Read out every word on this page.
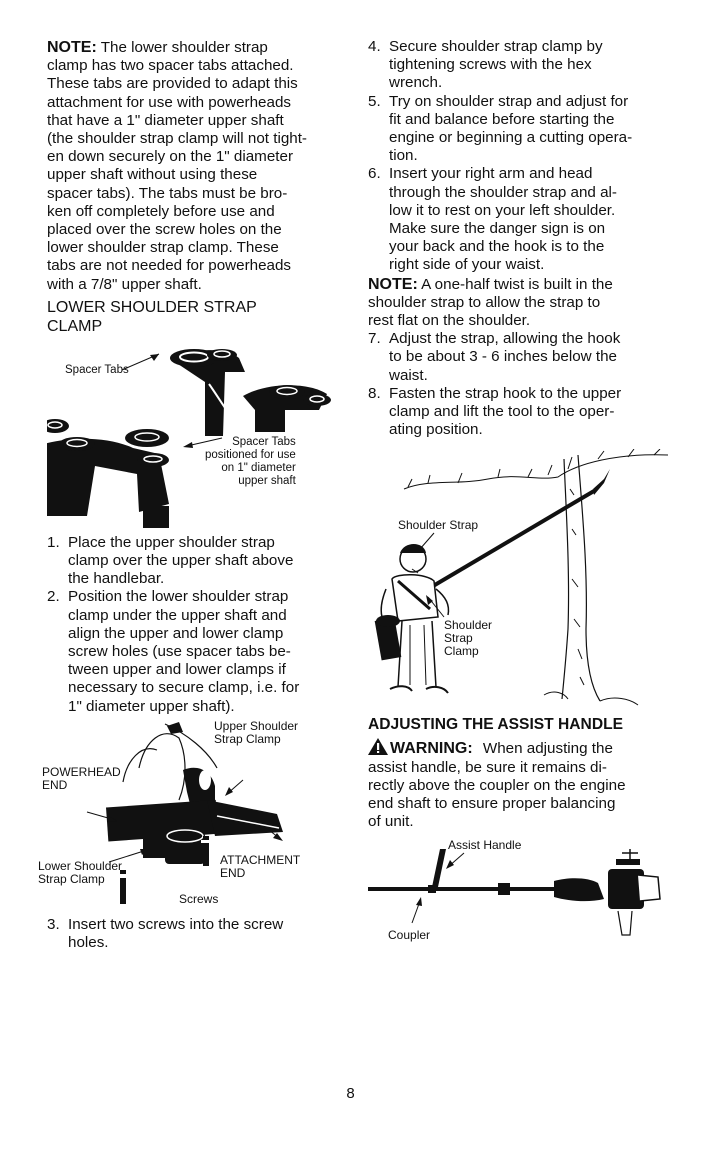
NOTE: The lower shoulder strap
clamp has two spacer tabs attached.
These tabs are provided to adapt this
attachment for use with powerheads
that have a 1" diameter upper shaft
(the shoulder strap clamp will not tight-
en down securely on the 1" diameter
upper shaft without using these
spacer tabs). The tabs must be bro-
ken off completely before use and
placed over the screw holes on the
lower shoulder strap clamp. These
tabs are not needed for powerheads
with a 7/8" upper shaft.

LOWER SHOULDER STRAP
CLAMP

Spacer Tabs
Spacer Tabs
positioned for use
on 1" diameter
upper shaft
1. Place the upper shoulder strap
clamp over the upper shaft above
the handlebar.
2. Position the lower shoulder strap
clamp under the upper shaft and
align the upper and lower clamp
screw holes (use spacer tabs be-
tween upper and lower clamps if
necessary to secure clamp, i.e. for
1" diameter upper shaft).
Upper Shoulder
Strap Clamp
POWERHEAD
END
Lower Shoulder
Strap Clamp
ATTACHMENT
END
Screws
3. Insert two screws into the screw
holes.
4. Secure shoulder strap clamp by
tightening screws with the hex
wrench.
5. Try on shoulder strap and adjust for
fit and balance before starting the
engine or beginning a cutting opera-
tion.
6. Insert your right arm and head
through the shoulder strap and al-
low it to rest on your left shoulder.
Make sure the danger sign is on
your back and the hook is to the
right side of your waist.

NOTE: A one-half twist is built in the
shoulder strap to allow the strap to
rest flat on the shoulder.

7. Adjust the strap, allowing the hook
to be about 3 - 6 inches below the
waist.
8. Fasten the strap hook to the upper
clamp and lift the tool to the oper-
ating position.
Shoulder Strap
Shoulder
Strap
Clamp

ADJUSTING THE ASSIST HANDLE

WARNING: When adjusting the
assist handle, be sure it remains di-
rectly above the coupler on the engine
end shaft to ensure proper balancing
of unit.

Assist Handle
Coupler
8
